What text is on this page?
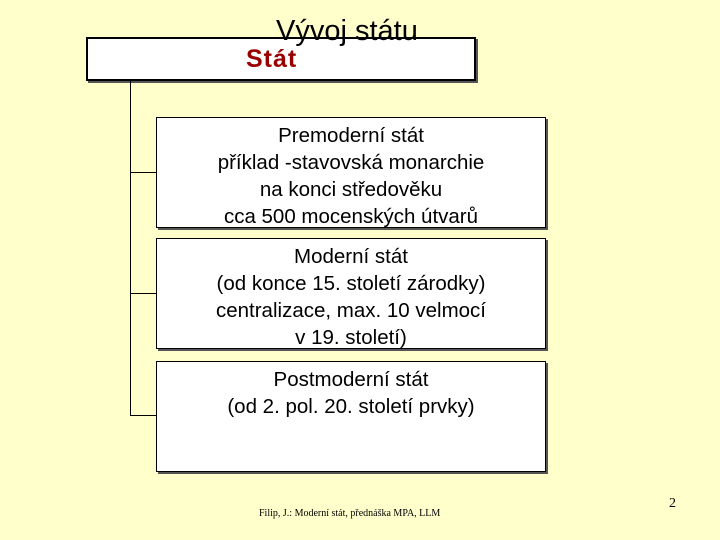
Vývoj státu
Stát
Premoderní stát
příklad -stavovská monarchie
na konci středověku
cca 500 mocenských útvarů
Moderní stát
(od konce 15. století zárodky)
centralizace, max. 10 velmocí
v 19. století)
Postmoderní stát
(od 2. pol. 20. století prvky)
Filip, J.: Moderní stát, přednáška MPA, LLM
2
